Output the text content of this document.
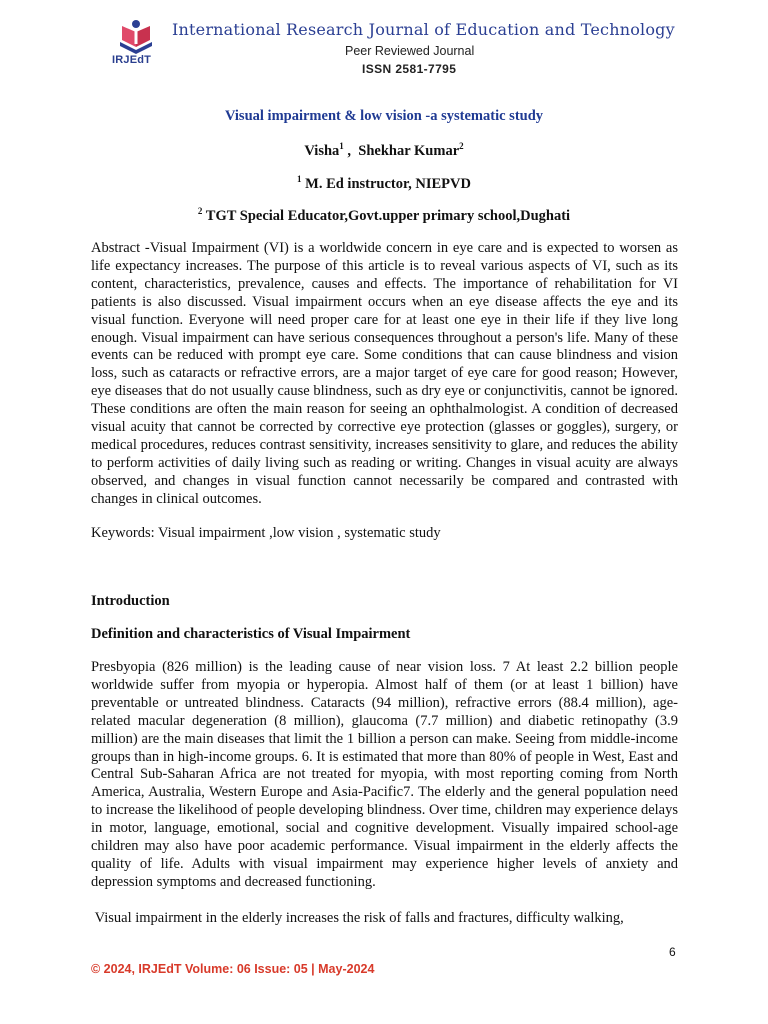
IRJEdT
International Research Journal of Education and Technology
Peer Reviewed Journal
ISSN 2581-7795
Visual impairment & low vision -a systematic study
Visha$^1$ ,  Shekhar Kumar$^2$
$^1$ M. Ed instructor, NIEPVD
$^2$ TGT Special Educator,Govt.upper primary school,Dughati

Abstract -Visual Impairment (VI) is a worldwide concern in eye care and is expected to worsen as life expectancy increases. The purpose of this article is to reveal various aspects of VI, such as its content, characteristics, prevalence, causes and effects. The importance of rehabilitation for VI patients is also discussed. Visual impairment occurs when an eye disease affects the eye and its visual function. Everyone will need proper care for at least one eye in their life if they live long enough. Visual impairment can have serious consequences throughout a person's life. Many of these events can be reduced with prompt eye care. Some conditions that can cause blindness and vision loss, such as cataracts or refractive errors, are a major target of eye care for good reason; However, eye diseases that do not usually cause blindness, such as dry eye or conjunctivitis, cannot be ignored. These conditions are often the main reason for seeing an ophthalmologist. A condition of decreased visual acuity that cannot be corrected by corrective eye protection (glasses or goggles), surgery, or medical procedures, reduces contrast sensitivity, increases sensitivity to glare, and reduces the ability to perform activities of daily living such as reading or writing. Changes in visual acuity are always observed, and changes in visual function cannot necessarily be compared and contrasted with changes in clinical outcomes.

Keywords: Visual impairment ,low vision , systematic study

Introduction
Definition and characteristics of Visual Impairment

Presbyopia (826 million) is the leading cause of near vision loss. 7 At least 2.2 billion people worldwide suffer from myopia or hyperopia. Almost half of them (or at least 1 billion) have preventable or untreated blindness. Cataracts (94 million), refractive errors (88.4 million), age-related macular degeneration (8 million), glaucoma (7.7 million) and diabetic retinopathy (3.9 million) are the main diseases that limit the 1 billion a person can make. Seeing from middle-income groups than in high-income groups. 6. It is estimated that more than 80% of people in West, East and Central Sub-Saharan Africa are not treated for myopia, with most reporting coming from North America, Australia, Western Europe and Asia-Pacific7. The elderly and the general population need to increase the likelihood of people developing blindness. Over time, children may experience delays in motor, language, emotional, social and cognitive development. Visually impaired school-age children may also have poor academic performance. Visual impairment in the elderly affects the quality of life. Adults with visual impairment may experience higher levels of anxiety and depression symptoms and decreased functioning.

Visual impairment in the elderly increases the risk of falls and fractures, difficulty walking,

6
© 2024, IRJEdT Volume: 06 Issue: 05 | May-2024
